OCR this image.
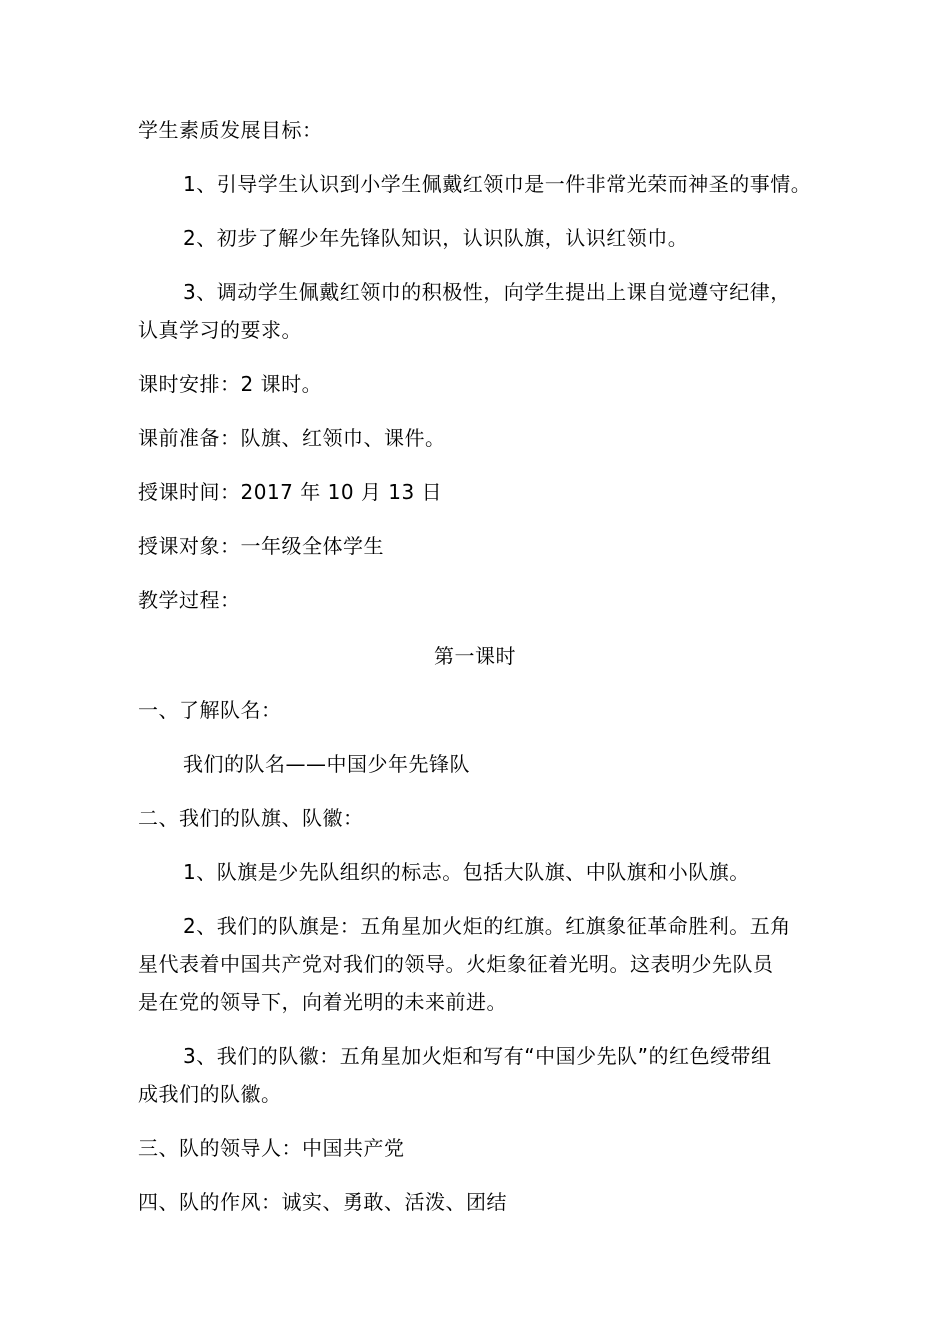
学生素质发展目标：
1、引导学生认识到小学生佩戴红领巾是一件非常光荣而神圣的事情。
2、初步了解少年先锋队知识，认识队旗，认识红领巾。
3、调动学生佩戴红领巾的积极性，向学生提出上课自觉遵守纪律，
认真学习的要求。
课时安排：2 课时。
课前准备：队旗、红领巾、课件。
授课时间：2017 年 10 月 13 日
授课对象：一年级全体学生
教学过程：
第一课时
一、了解队名：
我们的队名——中国少年先锋队
二、我们的队旗、队徽：
1、队旗是少先队组织的标志。包括大队旗、中队旗和小队旗。
2、我们的队旗是：五角星加火炬的红旗。红旗象征革命胜利。五角
星代表着中国共产党对我们的领导。火炬象征着光明。这表明少先队员
是在党的领导下，向着光明的未来前进。
3、我们的队徽：五角星加火炬和写有“中国少先队”的红色绶带组
成我们的队徽。
三、队的领导人：中国共产党
四、队的作风：诚实、勇敢、活泼、团结
